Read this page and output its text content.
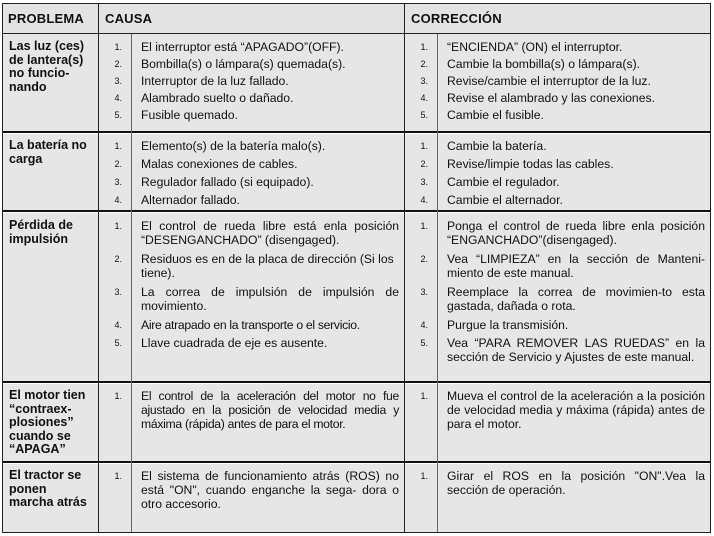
PROBLEMA	CAUSA	CORRECCIÓN
Las luz (ces) de lantera(s) no funcio- nando
1. El interruptor está “APAGADO”(OFF).
2. Bombilla(s) o lámpara(s) quemada(s).
3. Interruptor de la luz fallado.
4. Alambrado suelto o dañado.
5. Fusible quemado.
1. “ENCIENDA” (ON) el interruptor.
2. Cambie la bombilla(s) o lámpara(s).
3. Revise/cambie el interruptor de la luz.
4. Revise el alambrado y las conexiones.
5. Cambie el fusible.
La batería no carga
1. Elemento(s) de la batería malo(s).
2. Malas conexiones de cables.
3. Regulador fallado (si equipado).
4. Alternador fallado.
1. Cambie la batería.
2. Revise/limpie todas las cables.
3. Cambie el regulador.
4. Cambie el alternador.
Pérdida de impulsión
1. El control de rueda libre está enla posición “DESENGANCHADO” (disengaged).
2. Residuos es en de la placa de dirección (Si los tiene).
3. La correa de impulsión de impulsión de movimiento.
4. Aire atrapado en la transporte o el servicio.
5. Llave cuadrada de eje es ausente.
1. Ponga el control de rueda libre enla posición “ENGANCHADO”(disengaged).
2. Vea “LIMPIEZA” en la sección de Manteni- miento de este manual.
3. Reemplace la correa de movimien-to esta gastada, dañada o rota.
4. Purgue la transmisión.
5. Vea “PARA REMOVER LAS RUEDAS” en la sección de Servicio y Ajustes de este manual.
El motor tien “contraex- plosiones” cuando se “APAGA”
1. El control de la aceleración del motor no fue ajustado en la posición de velocidad media y máxima (rápida) antes de para el motor.
1. Mueva el control de la aceleración a la posición de velocidad media y máxima (rápida) antes de para el motor.
El tractor se ponen marcha atrás
1. El sistema de funcionamiento atrás (ROS) no está "ON", cuando enganche la sega- dora o otro accesorio.
1. Girar el ROS en la posición "ON".Vea la sección de operación.
